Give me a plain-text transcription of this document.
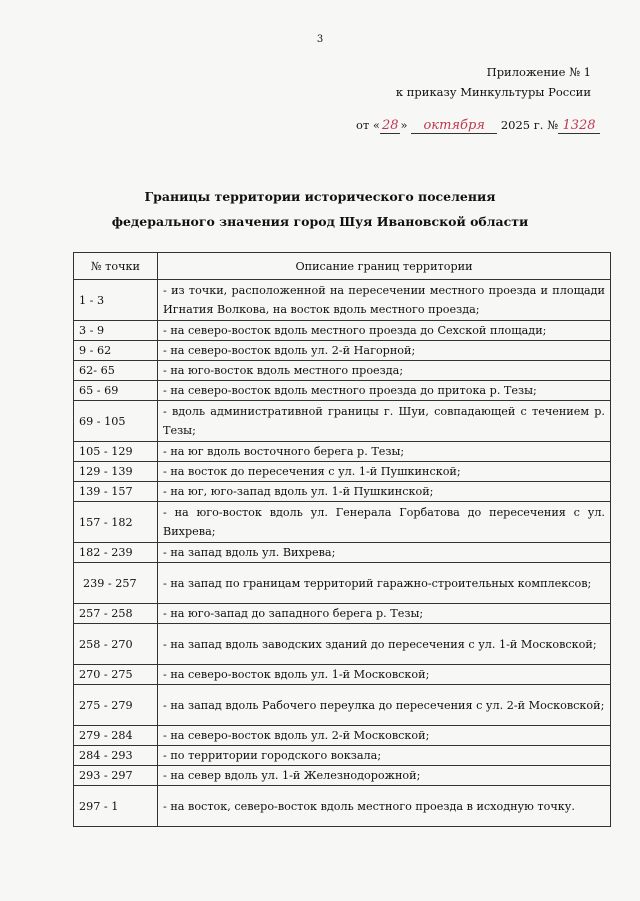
3
Приложение № 1
к приказу Минкультуры России
от « 28 » октября 2025 г. № 1328
Границы территории исторического поселения
федерального значения город Шуя Ивановской области
№ точки	Описание границ территории
1 - 3	- из точки, расположенной на пересечении местного проезда и площади Игнатия Волкова, на восток вдоль местного проезда;
3 - 9	- на северо-восток вдоль местного проезда до Сехской площади;
9 - 62	- на северо-восток вдоль ул. 2-й Нагорной;
62- 65	- на юго-восток вдоль местного проезда;
65 - 69	- на северо-восток вдоль местного проезда до притока р. Тезы;
69 - 105	- вдоль административной границы г. Шуи, совпадающей с течением р. Тезы;
105 - 129	- на юг вдоль восточного берега р. Тезы;
129 - 139	- на восток до пересечения с ул. 1-й Пушкинской;
139 - 157	- на юг, юго-запад вдоль ул. 1-й Пушкинской;
157 - 182	- на юго-восток вдоль ул. Генерала Горбатова до пересечения с ул. Вихрева;
182 - 239	- на запад вдоль ул. Вихрева;
239 - 257	- на запад по границам территорий гаражно-строительных комплексов;
257 - 258	- на юго-запад до западного берега р. Тезы;
258 - 270	- на запад вдоль заводских зданий до пересечения с ул. 1-й Московской;
270 - 275	- на северо-восток вдоль ул. 1-й Московской;
275 - 279	- на запад вдоль Рабочего переулка до пересечения с ул. 2-й Московской;
279 - 284	- на северо-восток вдоль ул. 2-й Московской;
284 - 293	- по территории городского вокзала;
293 - 297	- на север вдоль ул. 1-й Железнодорожной;
297 - 1	- на восток, северо-восток вдоль местного проезда в исходную точку.
